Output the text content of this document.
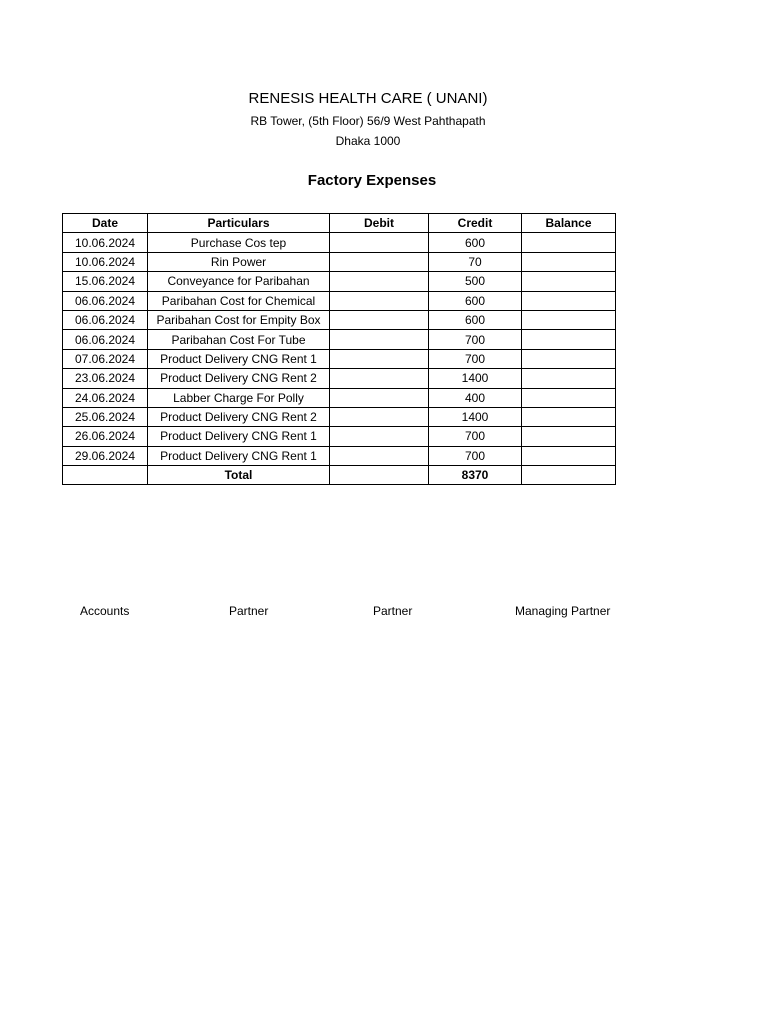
RENESIS HEALTH CARE ( UNANI)
RB Tower, (5th Floor) 56/9 West Pahthapath
Dhaka 1000
Factory Expenses
Date	Particulars	Debit	Credit	Balance
10.06.2024	Purchase Cos tep		600	
10.06.2024	Rin Power		70	
15.06.2024	Conveyance for Paribahan		500	
06.06.2024	Paribahan Cost for Chemical		600	
06.06.2024	Paribahan Cost for Empity Box		600	
06.06.2024	Paribahan Cost For Tube		700	
07.06.2024	Product Delivery CNG Rent 1		700	
23.06.2024	Product Delivery CNG Rent 2		1400	
24.06.2024	Labber Charge For Polly		400	
25.06.2024	Product Delivery CNG Rent 2		1400	
26.06.2024	Product Delivery CNG Rent 1		700	
29.06.2024	Product Delivery CNG Rent 1		700	
	Total		8370	
Accounts	Partner	Partner	Managing Partner
